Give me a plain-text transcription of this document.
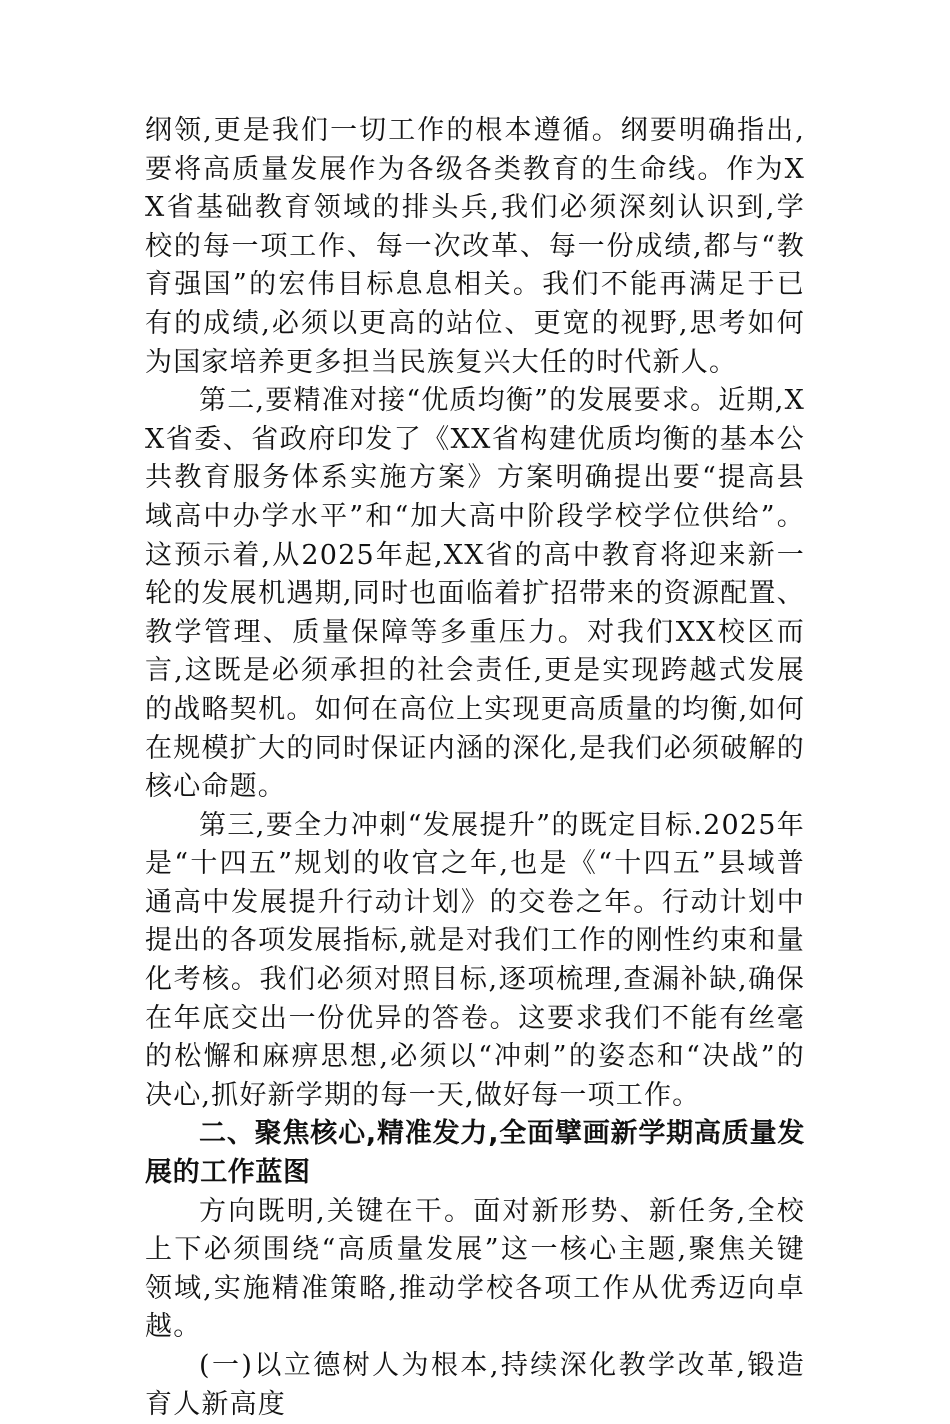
纲领,更是我们一切工作的根本遵循。纲要明确指出,要将高质量发展作为各级各类教育的生命线。作为XX省基础教育领域的排头兵,我们必须深刻认识到,学校的每一项工作、每一次改革、每一份成绩,都与“教育强国”的宏伟目标息息相关。我们不能再满足于已有的成绩,必须以更高的站位、更宽的视野,思考如何为国家培养更多担当民族复兴大任的时代新人。

第二,要精准对接“优质均衡”的发展要求。近期,XX省委、省政府印发了《XX省构建优质均衡的基本公共教育服务体系实施方案》方案明确提出要“提高县域高中办学水平”和“加大高中阶段学校学位供给”。这预示着,从2025年起,XX省的高中教育将迎来新一轮的发展机遇期,同时也面临着扩招带来的资源配置、教学管理、质量保障等多重压力。对我们XX校区而言,这既是必须承担的社会责任,更是实现跨越式发展的战略契机。如何在高位上实现更高质量的均衡,如何在规模扩大的同时保证内涵的深化,是我们必须破解的核心命题。

第三,要全力冲刺“发展提升”的既定目标.2025年是“十四五”规划的收官之年,也是《“十四五”县域普通高中发展提升行动计划》的交卷之年。行动计划中提出的各项发展指标,就是对我们工作的刚性约束和量化考核。我们必须对照目标,逐项梳理,查漏补缺,确保在年底交出一份优异的答卷。这要求我们不能有丝毫的松懈和麻痹思想,必须以“冲刺”的姿态和“决战”的决心,抓好新学期的每一天,做好每一项工作。

二、聚焦核心,精准发力,全面擘画新学期高质量发展的工作蓝图

方向既明,关键在干。面对新形势、新任务,全校上下必须围绕“高质量发展”这一核心主题,聚焦关键领域,实施精准策略,推动学校各项工作从优秀迈向卓越。

(一)以立德树人为根本,持续深化教学改革,锻造育人新高度
